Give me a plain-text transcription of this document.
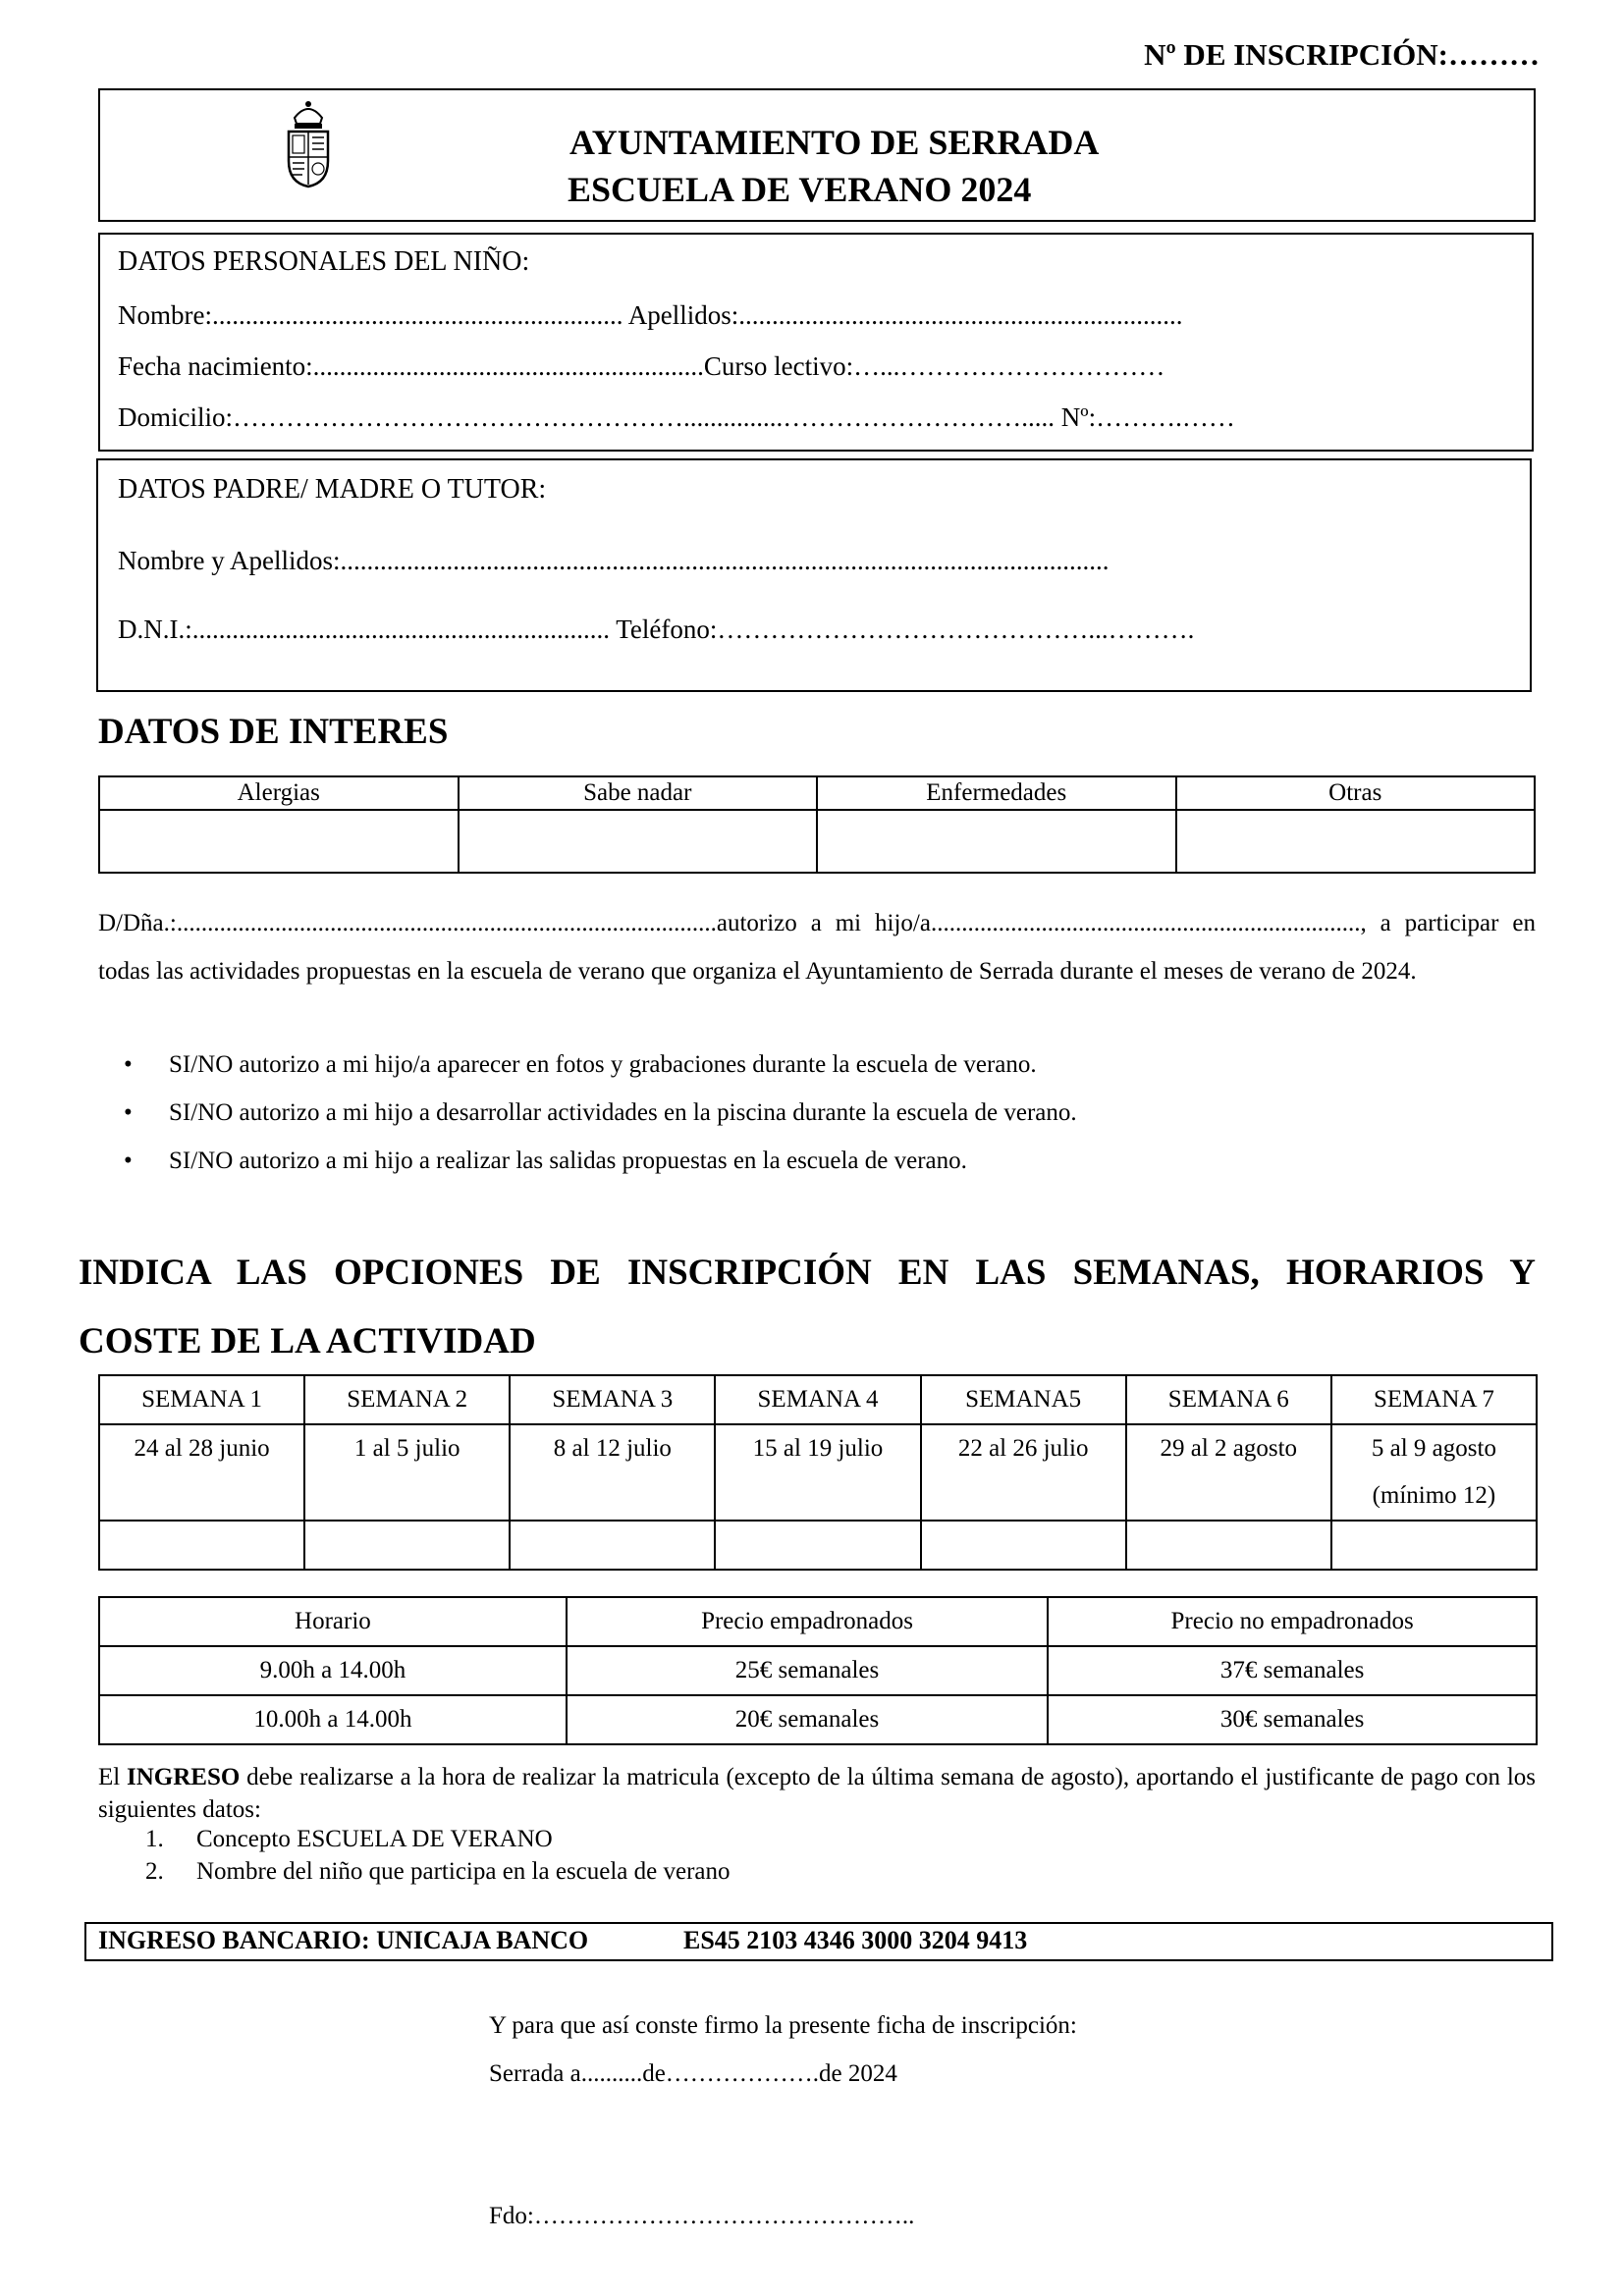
Nº DE INSCRIPCIÓN:………
AYUNTAMIENTO DE SERRADA
ESCUELA DE VERANO 2024
DATOS PERSONALES DEL NIÑO:
Nombre:.............................................................. Apellidos:...................................................................
Fecha nacimiento:...........................................................Curso lectivo:…...…………………………
Domicilio:……………………………………………...............………………………..... Nº:……….……
DATOS PADRE/ MADRE O TUTOR:
Nombre y Apellidos:....................................................................................................................
D.N.I.:............................................................... Teléfono:……………………………………...……….
DATOS DE INTERES
Alergias	Sabe nadar	Enfermedades	Otras

D/Dña.:........................................................................................autorizo a mi hijo/a......................................................................, a participar en todas las actividades propuestas en la escuela de verano que organiza el Ayuntamiento de Serrada durante el meses de verano de 2024.
• SI/NO autorizo a mi hijo/a aparecer en fotos y grabaciones durante la escuela de verano.
• SI/NO autorizo a mi hijo a desarrollar actividades en la piscina durante la escuela de verano.
• SI/NO autorizo a mi hijo a realizar las salidas propuestas en la escuela de verano.
INDICA LAS OPCIONES DE INSCRIPCIÓN EN LAS SEMANAS, HORARIOS Y
COSTE DE LA ACTIVIDAD
SEMANA 1	SEMANA 2	SEMANA 3	SEMANA 4	SEMANA5	SEMANA 6	SEMANA 7
24 al 28 junio	1 al 5 julio	8 al 12 julio	15 al 19 julio	22 al 26 julio	29 al 2 agosto	5 al 9 agosto
(mínimo 12)

Horario	Precio empadronados	Precio no empadronados
9.00h a 14.00h	25€ semanales	37€ semanales
10.00h a 14.00h	20€ semanales	30€ semanales
El INGRESO debe realizarse a la hora de realizar la matricula (excepto de la última semana de agosto), aportando el justificante de pago con los siguientes datos:
1. Concepto ESCUELA DE VERANO
2. Nombre del niño que participa en la escuela de verano
INGRESO BANCARIO: UNICAJA BANCO	ES45 2103 4346 3000 3204 9413
Y para que así conste firmo la presente ficha de inscripción:
Serrada a..........de……………….de 2024
Fdo:………………………………………..
